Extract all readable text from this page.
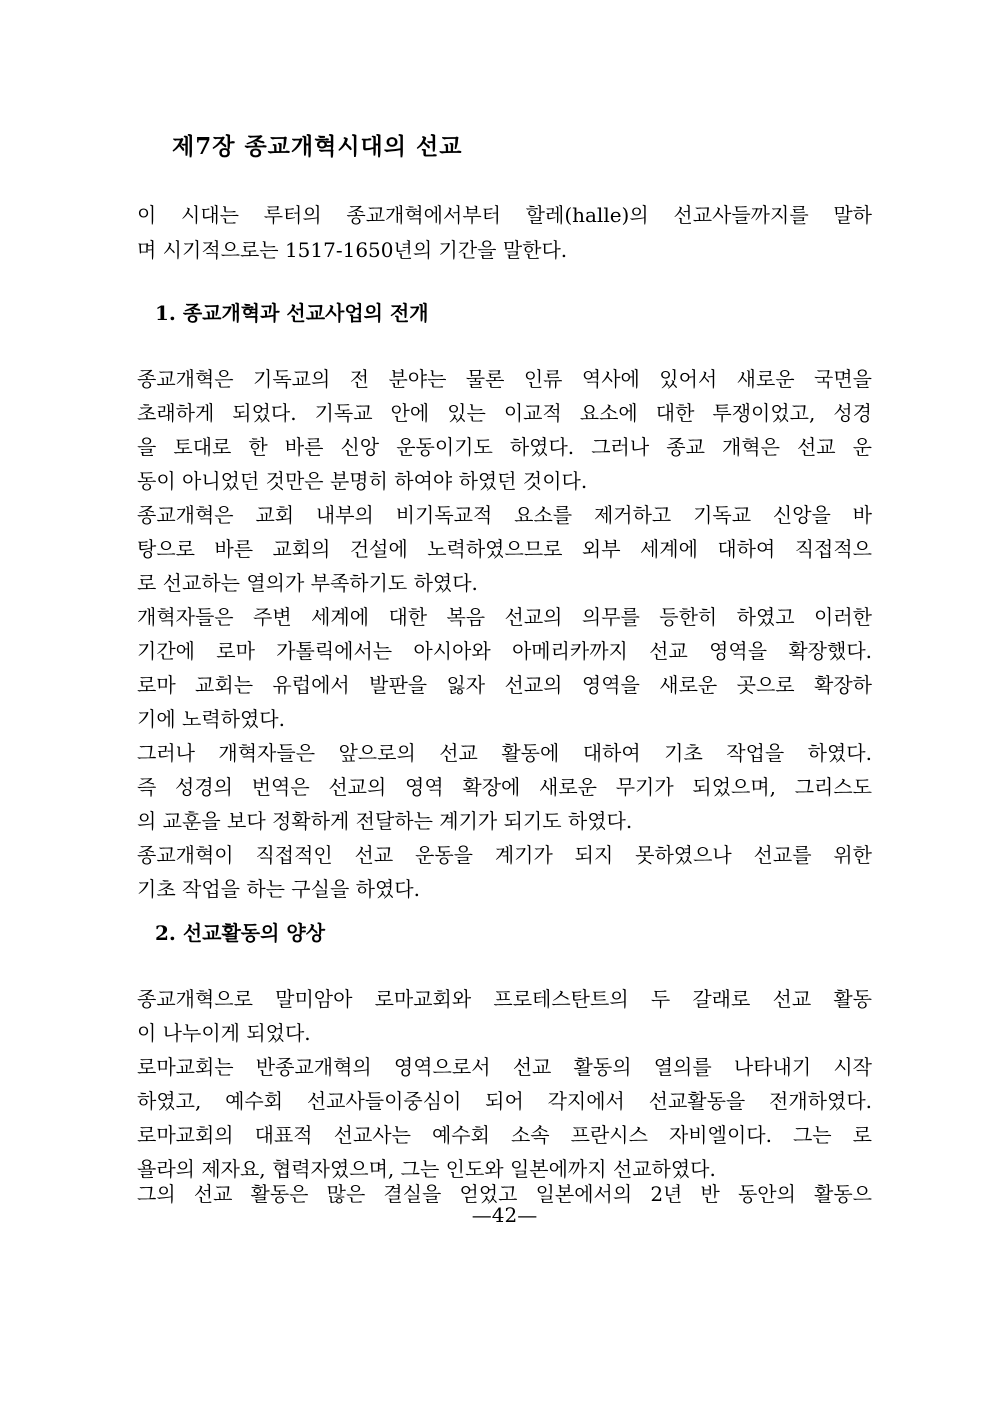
제7장 종교개혁시대의 선교
이 시대는 루터의 종교개혁에서부터 할레(halle)의 선교사들까지를 말하
며 시기적으로는 1517-1650년의 기간을 말한다.
1. 종교개혁과 선교사업의 전개
종교개혁은 기독교의 전 분야는 물론 인류 역사에 있어서 새로운 국면을
초래하게 되었다. 기독교 안에 있는 이교적 요소에 대한 투쟁이었고, 성경
을 토대로 한 바른 신앙 운동이기도 하였다. 그러나 종교 개혁은 선교 운
동이 아니었던 것만은 분명히 하여야 하였던 것이다.
종교개혁은 교회 내부의 비기독교적 요소를 제거하고 기독교 신앙을 바
탕으로 바른 교회의 건설에 노력하였으므로 외부 세계에 대하여 직접적으
로 선교하는 열의가 부족하기도 하였다.
개혁자들은 주변 세계에 대한 복음 선교의 의무를 등한히 하였고 이러한
기간에 로마 가톨릭에서는 아시아와 아메리카까지 선교 영역을 확장했다.
로마 교회는 유럽에서 발판을 잃자 선교의 영역을 새로운 곳으로 확장하
기에 노력하였다.
그러나 개혁자들은 앞으로의 선교 활동에 대하여 기초 작업을 하였다.
즉 성경의 번역은 선교의 영역 확장에 새로운 무기가 되었으며, 그리스도
의 교훈을 보다 정확하게 전달하는 계기가 되기도 하였다.
종교개혁이 직접적인 선교 운동을 계기가 되지 못하였으나 선교를 위한
기초 작업을 하는 구실을 하였다.
2. 선교활동의 양상
종교개혁으로 말미암아 로마교회와 프로테스탄트의 두 갈래로 선교 활동
이 나누이게 되었다.
로마교회는 반종교개혁의 영역으로서 선교 활동의 열의를 나타내기 시작
하였고, 예수회 선교사들이중심이 되어 각지에서 선교활동을 전개하였다.
로마교회의 대표적 선교사는 예수회 소속 프란시스 자비엘이다. 그는 로
욜라의 제자요, 협력자였으며, 그는 인도와 일본에까지 선교하였다.
그의 선교 활동은 많은 결실을 얻었고 일본에서의 2년 반 동안의 활동으
—42—
